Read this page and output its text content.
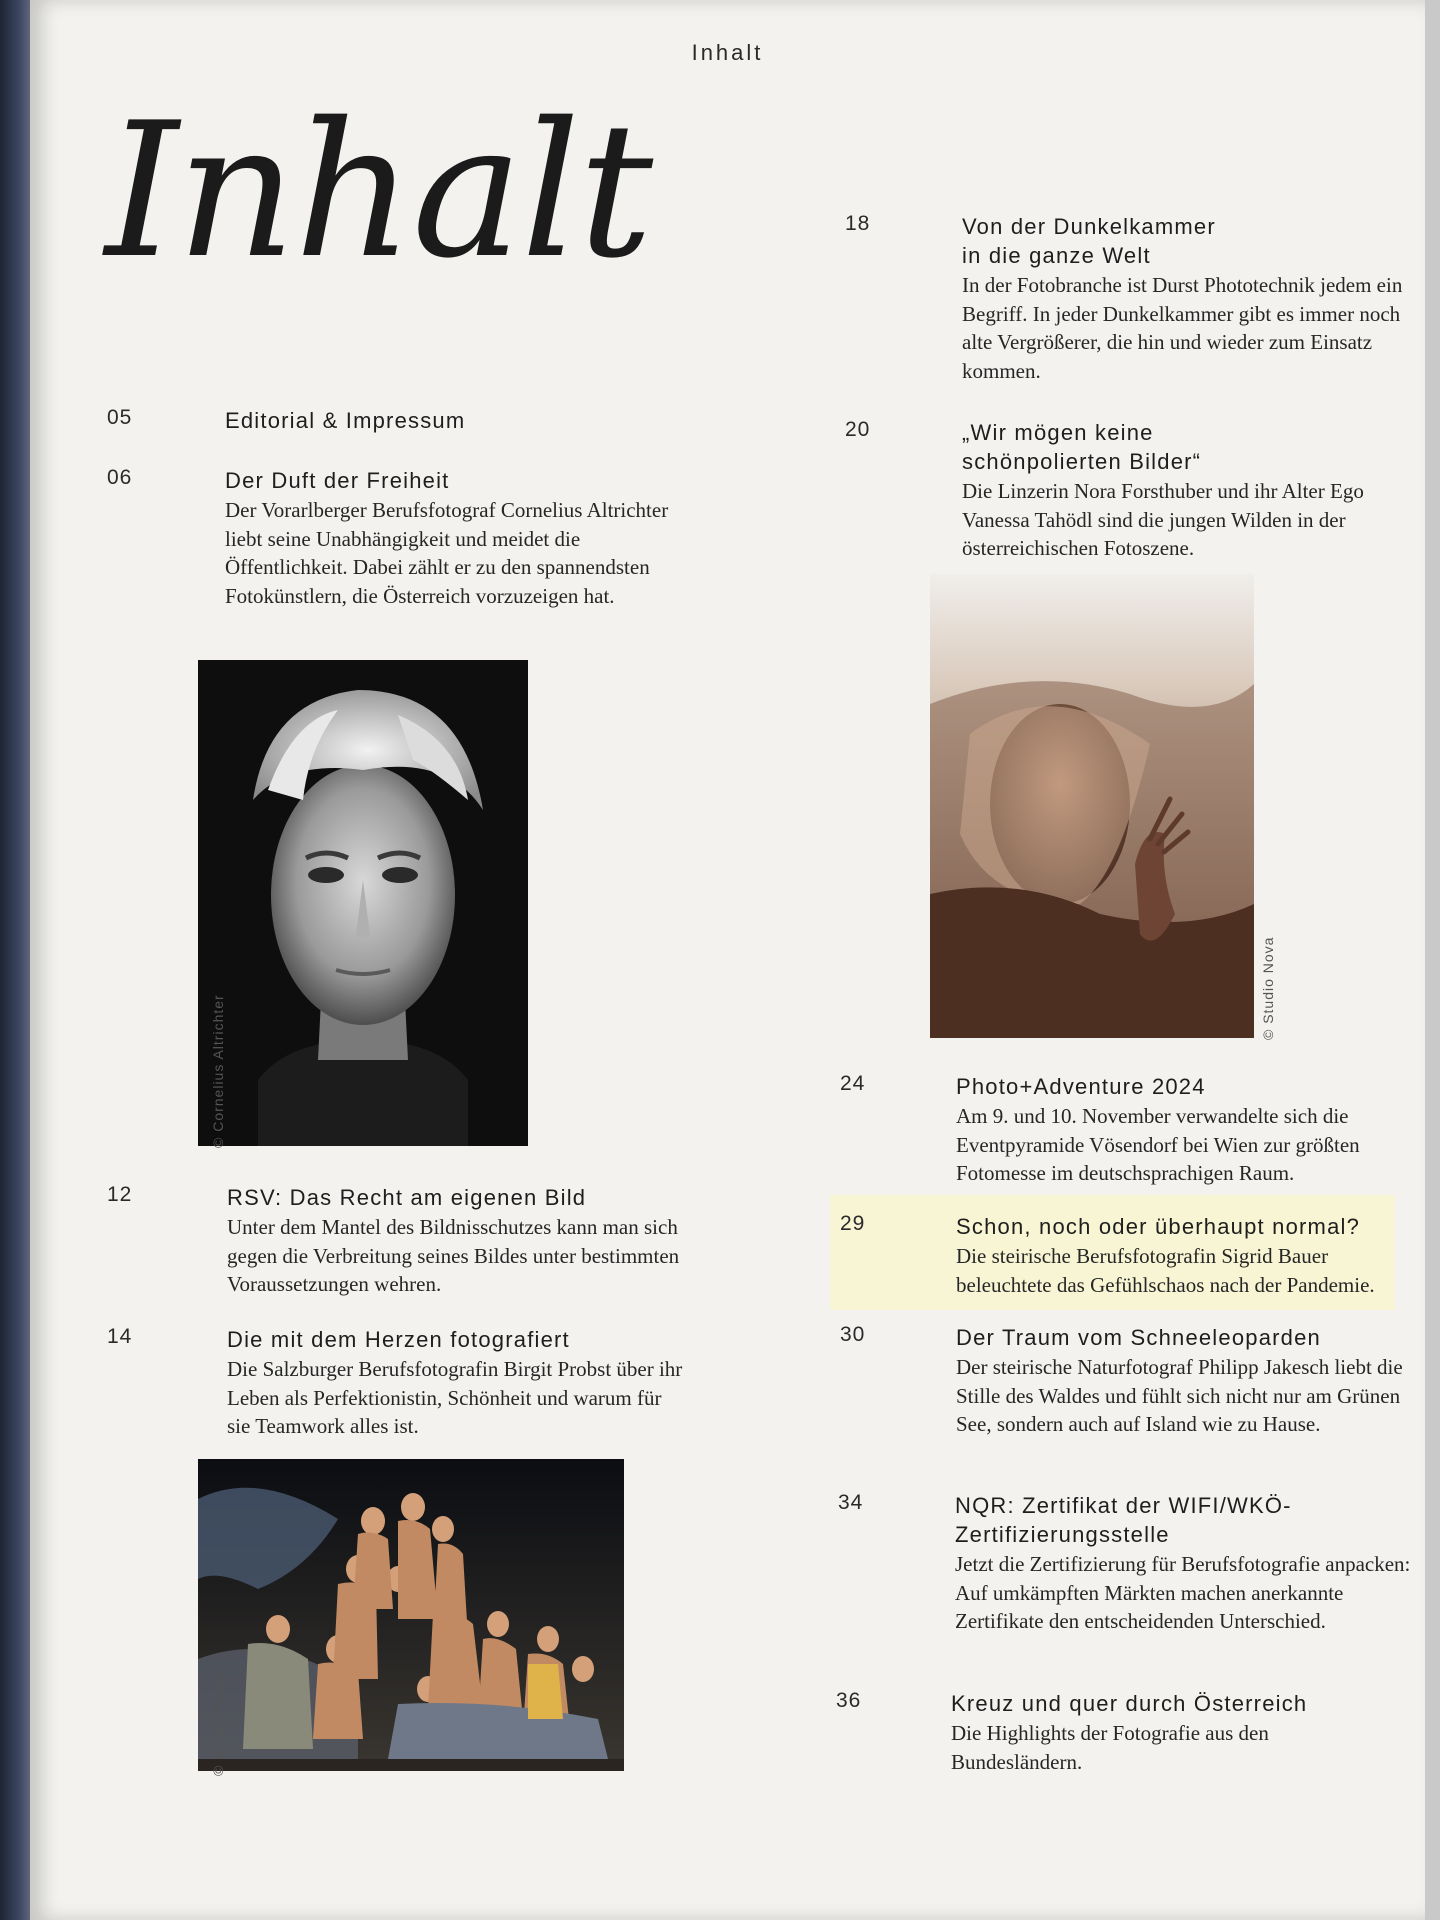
Inhalt
Inhalt
05	Editorial & Impressum
06	Der Duft der Freiheit
Der Vorarlberger Berufsfotograf Cornelius Altrichter liebt seine Unabhängigkeit und meidet die Öffentlichkeit. Dabei zählt er zu den spannendsten Fotokünstlern, die Österreich vorzuzeigen hat.
© Cornelius Altrichter
12	RSV: Das Recht am eigenen Bild
Unter dem Mantel des Bildnisschutzes kann man sich gegen die Verbreitung seines Bildes unter bestimmten Voraussetzungen wehren.
14	Die mit dem Herzen fotografiert
Die Salzburger Berufsfotografin Birgit Probst über ihr Leben als Perfektionistin, Schönheit und warum für sie Teamwork alles ist.
© Birgit Probst
18	Von der Dunkelkammer
in die ganze Welt
In der Fotobranche ist Durst Phototechnik jedem ein Begriff. In jeder Dunkelkammer gibt es immer noch alte Vergrößerer, die hin und wieder zum Einsatz kommen.
20	„Wir mögen keine
schönpolierten Bilder“
Die Linzerin Nora Forsthuber und ihr Alter Ego Vanessa Tahödl sind die jungen Wilden in der österreichischen Fotoszene.
© Studio Nova
24	Photo+Adventure 2024
Am 9. und 10. November verwandelte sich die Eventpyramide Vösendorf bei Wien zur größten Fotomesse im deutschsprachigen Raum.
29	Schon, noch oder überhaupt normal?
Die steirische Berufsfotografin Sigrid Bauer beleuchtete das Gefühlschaos nach der Pandemie.
30	Der Traum vom Schneeleoparden
Der steirische Naturfotograf Philipp Jakesch liebt die Stille des Waldes und fühlt sich nicht nur am Grünen See, sondern auch auf Island wie zu Hause.
34	NQR: Zertifikat der WIFI/WKÖ-
Zertifizierungsstelle
Jetzt die Zertifizierung für Berufsfotografie anpacken: Auf umkämpften Märkten machen anerkannte Zertifikate den entscheidenden Unterschied.
36	Kreuz und quer durch Österreich
Die Highlights der Fotografie aus den Bundesländern.
